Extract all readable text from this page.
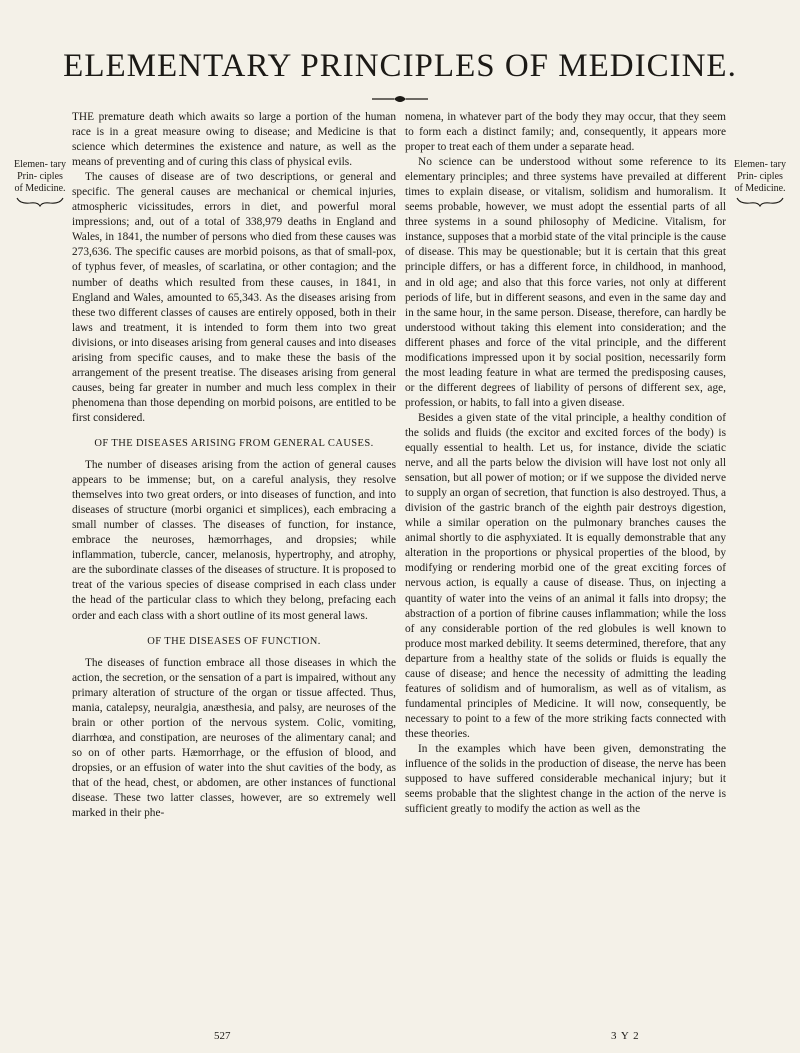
ELEMENTARY PRINCIPLES OF MEDICINE.
Elemen- tary Prin- ciples of Medicine.
Elemen- tary Prin- ciples of Medicine.

THE premature death which awaits so large a portion of the human race is in a great measure owing to disease; and Medicine is that science which determines the existence and nature, as well as the means of preventing and of curing this class of physical evils.

The causes of disease are of two descriptions, or general and specific. The general causes are mechanical or chemical injuries, atmospheric vicissitudes, errors in diet, and powerful moral impressions; and, out of a total of 338,979 deaths in England and Wales, in 1841, the number of persons who died from these causes was 273,636. The specific causes are morbid poisons, as that of small-pox, of typhus fever, of measles, of scarlatina, or other contagion; and the number of deaths which resulted from these causes, in 1841, in England and Wales, amounted to 65,343. As the diseases arising from these two different classes of causes are entirely opposed, both in their laws and treatment, it is intended to form them into two great divisions, or into diseases arising from general causes and into diseases arising from specific causes, and to make these the basis of the arrangement of the present treatise. The diseases arising from general causes, being far greater in number and much less complex in their phenomena than those depending on morbid poisons, are entitled to be first considered.

OF THE DISEASES ARISING FROM GENERAL CAUSES.

The number of diseases arising from the action of general causes appears to be immense; but, on a careful analysis, they resolve themselves into two great orders, or into diseases of function, and into diseases of structure (morbi organici et simplices), each embracing a small number of classes. The diseases of function, for instance, embrace the neuroses, hæmorrhages, and dropsies; while inflammation, tubercle, cancer, melanosis, hypertrophy, and atrophy, are the subordinate classes of the diseases of structure. It is proposed to treat of the various species of disease comprised in each class under the head of the particular class to which they belong, prefacing each order and each class with a short outline of its most general laws.

OF THE DISEASES OF FUNCTION.

The diseases of function embrace all those diseases in which the action, the secretion, or the sensation of a part is impaired, without any primary alteration of structure of the organ or tissue affected. Thus, mania, catalepsy, neuralgia, anæsthesia, and palsy, are neuroses of the brain or other portion of the nervous system. Colic, vomiting, diarrhœa, and constipation, are neuroses of the alimentary canal; and so on of other parts. Hæmorrhage, or the effusion of blood, and dropsies, or an effusion of water into the shut cavities of the body, as that of the head, chest, or abdomen, are other instances of functional disease. These two latter classes, however, are so extremely well marked in their phe-

nomena, in whatever part of the body they may occur, that they seem to form each a distinct family; and, consequently, it appears more proper to treat each of them under a separate head.

No science can be understood without some reference to its elementary principles; and three systems have prevailed at different times to explain disease, or vitalism, solidism and humoralism. It seems probable, however, we must adopt the essential parts of all three systems in a sound philosophy of Medicine. Vitalism, for instance, supposes that a morbid state of the vital principle is the cause of disease. This may be questionable; but it is certain that this great principle differs, or has a different force, in childhood, in manhood, and in old age; and also that this force varies, not only at different periods of life, but in different seasons, and even in the same day and in the same hour, in the same person. Disease, therefore, can hardly be understood without taking this element into consideration; and the different phases and force of the vital principle, and the different modifications impressed upon it by social position, necessarily form the most leading feature in what are termed the predisposing causes, or the different degrees of liability of persons of different sex, age, profession, or habits, to fall into a given disease.

Besides a given state of the vital principle, a healthy condition of the solids and fluids (the excitor and excited forces of the body) is equally essential to health. Let us, for instance, divide the sciatic nerve, and all the parts below the division will have lost not only all sensation, but all power of motion; or if we suppose the divided nerve to supply an organ of secretion, that function is also destroyed. Thus, a division of the gastric branch of the eighth pair destroys digestion, while a similar operation on the pulmonary branches causes the animal shortly to die asphyxiated. It is equally demonstrable that any alteration in the proportions or physical properties of the blood, by modifying or rendering morbid one of the great exciting forces of nervous action, is equally a cause of disease. Thus, on injecting a quantity of water into the veins of an animal it falls into dropsy; the abstraction of a portion of fibrine causes inflammation; while the loss of any considerable portion of the red globules is well known to produce most marked debility. It seems determined, therefore, that any departure from a healthy state of the solids or fluids is equally the cause of disease; and hence the necessity of admitting the leading features of solidism and of humoralism, as well as of vitalism, as fundamental principles of Medicine. It will now, consequently, be necessary to point to a few of the more striking facts connected with these theories.

In the examples which have been given, demonstrating the influence of the solids in the production of disease, the nerve has been supposed to have suffered considerable mechanical injury; but it seems probable that the slightest change in the action of the nerve is sufficient greatly to modify the action as well as the

527	3 Y 2
